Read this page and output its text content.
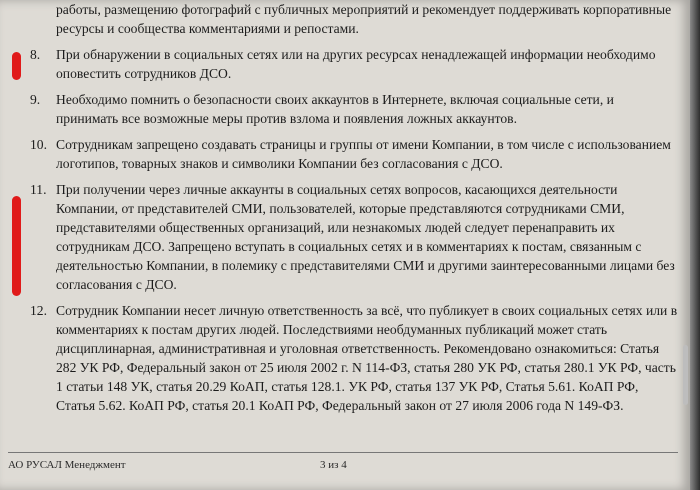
работы, размещению фотографий с публичных мероприятий и рекомендует поддерживать корпоративные ресурсы и сообщества комментариями и репостами.

8.	При обнаружении в социальных сетях или на других ресурсах ненадлежащей информации необходимо оповестить сотрудников ДСО.
9.	Необходимо помнить о безопасности своих аккаунтов в Интернете, включая социальные сети, и принимать все возможные меры против взлома и появления ложных аккаунтов.
10. Сотрудникам запрещено создавать страницы и группы от имени Компании, в том числе с использованием логотипов, товарных знаков и символики Компании без согласования с ДСО.
11. При получении через личные аккаунты в социальных сетях вопросов, касающихся деятельности Компании, от представителей СМИ, пользователей, которые представляются сотрудниками СМИ, представителями общественных организаций, или незнакомых людей следует перенаправить их сотрудникам ДСО. Запрещено вступать в социальных сетях и в комментариях к постам, связанным с деятельностью Компании, в полемику с представителями СМИ и другими заинтересованными лицами без согласования с ДСО.
12. Сотрудник Компании несет личную ответственность за всё, что публикует в своих социальных сетях или в комментариях к постам других людей. Последствиями необдуманных публикаций может стать дисциплинарная, административная и уголовная ответственность. Рекомендовано ознакомиться: Статья 282 УК РФ, Федеральный закон от 25 июля 2002 г. N 114-ФЗ, статья 280 УК РФ, статья 280.1 УК РФ, часть 1 статьи 148 УК, статья 20.29 КоАП, статья 128.1. УК РФ, статья 137 УК РФ, Статья 5.61. КоАП РФ, Статья 5.62. КоАП РФ, статья 20.1 КоАП РФ, Федеральный закон от 27 июля 2006 года N 149-ФЗ.
АО РУСАЛ Менеджмент	3 из 4
